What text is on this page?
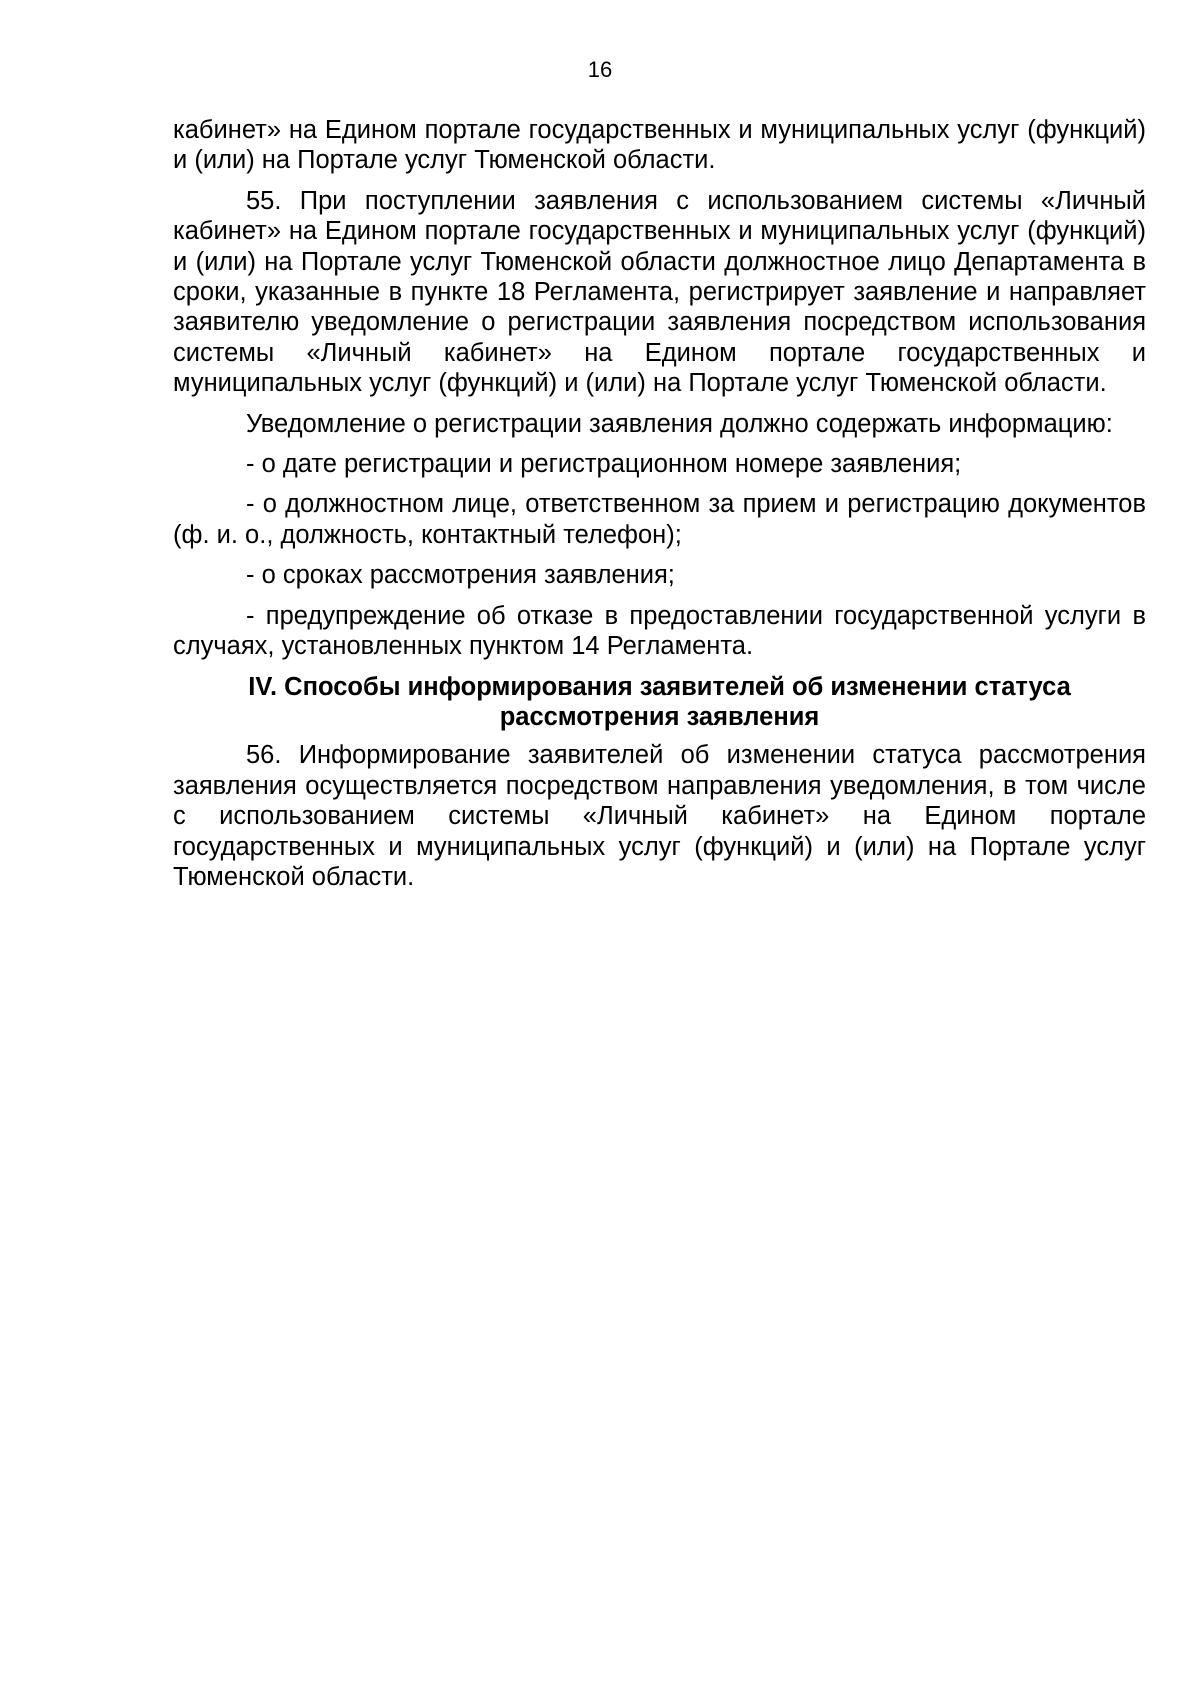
16

кабинет» на Едином портале государственных и муниципальных услуг (функций) и (или) на Портале услуг Тюменской области.

55. При поступлении заявления с использованием системы «Личный кабинет» на Едином портале государственных и муниципальных услуг (функций) и (или) на Портале услуг Тюменской области должностное лицо Департамента в сроки, указанные в пункте 18 Регламента, регистрирует заявление и направляет заявителю уведомление о регистрации заявления посредством использования системы «Личный кабинет» на Едином портале государственных и муниципальных услуг (функций) и (или) на Портале услуг Тюменской области.

Уведомление о регистрации заявления должно содержать информацию:

- о дате регистрации и регистрационном номере заявления;

- о должностном лице, ответственном за прием и регистрацию документов (ф. и. о., должность, контактный телефон);

- о сроках рассмотрения заявления;

- предупреждение об отказе в предоставлении государственной услуги в случаях, установленных пунктом 14 Регламента.

IV. Способы информирования заявителей об изменении статуса рассмотрения заявления

56. Информирование заявителей об изменении статуса рассмотрения заявления осуществляется посредством направления уведомления, в том числе с использованием системы «Личный кабинет» на Едином портале государственных и муниципальных услуг (функций) и (или) на Портале услуг Тюменской области.
